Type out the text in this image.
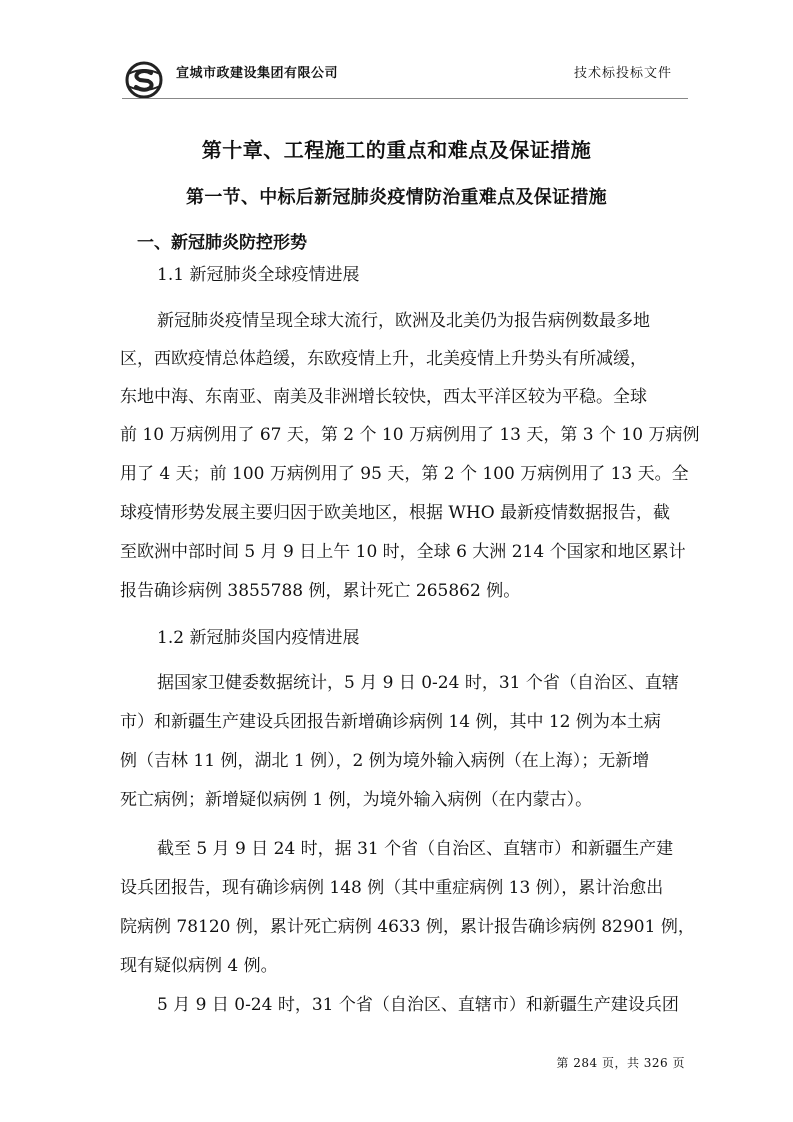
宣城市政建设集团有限公司	技术标投标文件
第十章、工程施工的重点和难点及保证措施
第一节、中标后新冠肺炎疫情防治重难点及保证措施
一、新冠肺炎防控形势
1.1 新冠肺炎全球疫情进展
新冠肺炎疫情呈现全球大流行，欧洲及北美仍为报告病例数最多地
区，西欧疫情总体趋缓，东欧疫情上升，北美疫情上升势头有所减缓，
东地中海、东南亚、南美及非洲增长较快，西太平洋区较为平稳。全球
前 10 万病例用了 67 天，第 2 个 10 万病例用了 13 天，第 3 个 10 万病例
用了 4 天；前 100 万病例用了 95 天，第 2 个 100 万病例用了 13 天。全
球疫情形势发展主要归因于欧美地区，根据 WHO 最新疫情数据报告，截
至欧洲中部时间 5 月 9 日上午 10 时，全球 6 大洲 214 个国家和地区累计
报告确诊病例 3855788 例，累计死亡 265862 例。
1.2 新冠肺炎国内疫情进展
据国家卫健委数据统计，5 月 9 日 0-24 时，31 个省（自治区、直辖
市）和新疆生产建设兵团报告新增确诊病例 14 例，其中 12 例为本土病
例（吉林 11 例，湖北 1 例），2 例为境外输入病例（在上海）；无新增
死亡病例；新增疑似病例 1 例，为境外输入病例（在内蒙古）。
截至 5 月 9 日 24 时，据 31 个省（自治区、直辖市）和新疆生产建
设兵团报告，现有确诊病例 148 例（其中重症病例 13 例），累计治愈出
院病例 78120 例，累计死亡病例 4633 例，累计报告确诊病例 82901 例，
现有疑似病例 4 例。
5 月 9 日 0-24 时，31 个省（自治区、直辖市）和新疆生产建设兵团
第 284 页，共 326 页
